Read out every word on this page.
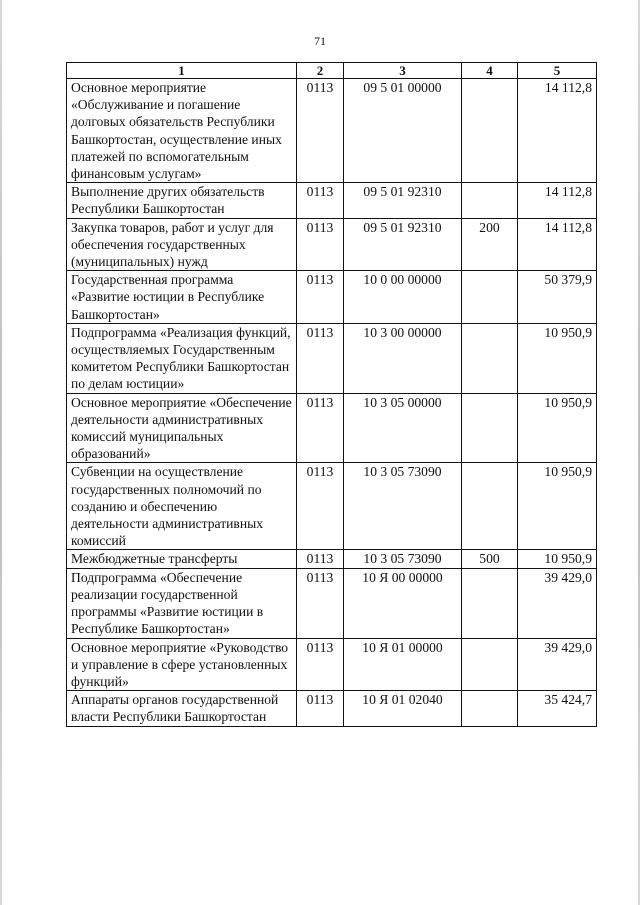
71
1	2	3	4	5
Основное мероприятие «Обслуживание и погашение долговых обязательств Республики Башкортостан, осуществление иных платежей по вспомогательным финансовым услугам»	0113	09 5 01 00000		14 112,8
Выполнение других обязательств Республики Башкортостан	0113	09 5 01 92310		14 112,8
Закупка товаров, работ и услуг для обеспечения государственных (муниципальных) нужд	0113	09 5 01 92310	200	14 112,8
Государственная программа «Развитие юстиции в Республике Башкортостан»	0113	10 0 00 00000		50 379,9
Подпрограмма «Реализация функций, осуществляемых Государственным комитетом Республики Башкортостан по делам юстиции»	0113	10 3 00 00000		10 950,9
Основное мероприятие «Обеспечение деятельности административных комиссий муниципальных образований»	0113	10 3 05 00000		10 950,9
Субвенции на осуществление государственных полномочий по созданию и обеспечению деятельности административных комиссий	0113	10 3 05 73090		10 950,9
Межбюджетные трансферты	0113	10 3 05 73090	500	10 950,9
Подпрограмма «Обеспечение реализации государственной программы «Развитие юстиции в Республике Башкортостан»	0113	10 Я 00 00000		39 429,0
Основное мероприятие «Руководство и управление в сфере установленных функций»	0113	10 Я 01 00000		39 429,0
Аппараты органов государственной власти Республики Башкортостан	0113	10 Я 01 02040		35 424,7
